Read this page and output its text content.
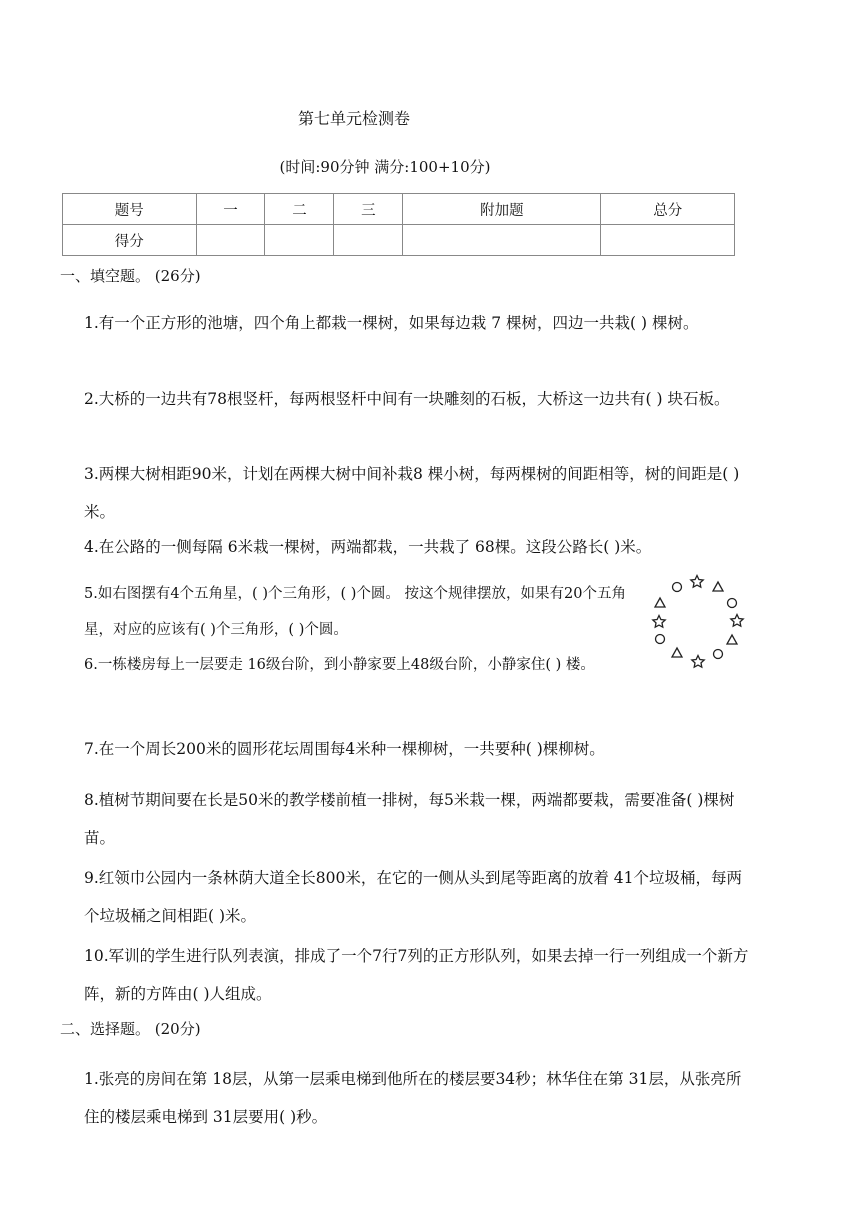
第七单元检测卷
(时间:90分钟 满分:100+10分)
题号	一	二	三	附加题	总分
得分					
一、填空题。 (26分)
1.有一个正方形的池塘，四个角上都栽一棵树，如果每边栽 7 棵树，四边一共栽( ) 棵树。
2.大桥的一边共有78根竖杆，每两根竖杆中间有一块雕刻的石板，大桥这一边共有( ) 块石板。
3.两棵大树相距90米，计划在两棵大树中间补栽8 棵小树，每两棵树的间距相等，树的间距是( )米。
4.在公路的一侧每隔 6米栽一棵树，两端都栽，一共栽了 68棵。这段公路长( )米。
5.如右图摆有4个五角星，( )个三角形，( )个圆。 按这个规律摆放，如果有20个五角星，对应的应该有( )个三角形，( )个圆。
6.一栋楼房每上一层要走 16级台阶，到小静家要上48级台阶，小静家住( ) 楼。
7.在一个周长200米的圆形花坛周围每4米种一棵柳树，一共要种( )棵柳树。
8.植树节期间要在长是50米的教学楼前植一排树，每5米栽一棵，两端都要栽，需要准备( )棵树苗。
9.红领巾公园内一条林荫大道全长800米，在它的一侧从头到尾等距离的放着 41个垃圾桶，每两个垃圾桶之间相距( )米。
10.军训的学生进行队列表演，排成了一个7行7列的正方形队列，如果去掉一行一列组成一个新方阵，新的方阵由( )人组成。
二、选择题。 (20分)
1.张亮的房间在第 18层，从第一层乘电梯到他所在的楼层要34秒；林华住在第 31层，从张亮所住的楼层乘电梯到 31层要用( )秒。
